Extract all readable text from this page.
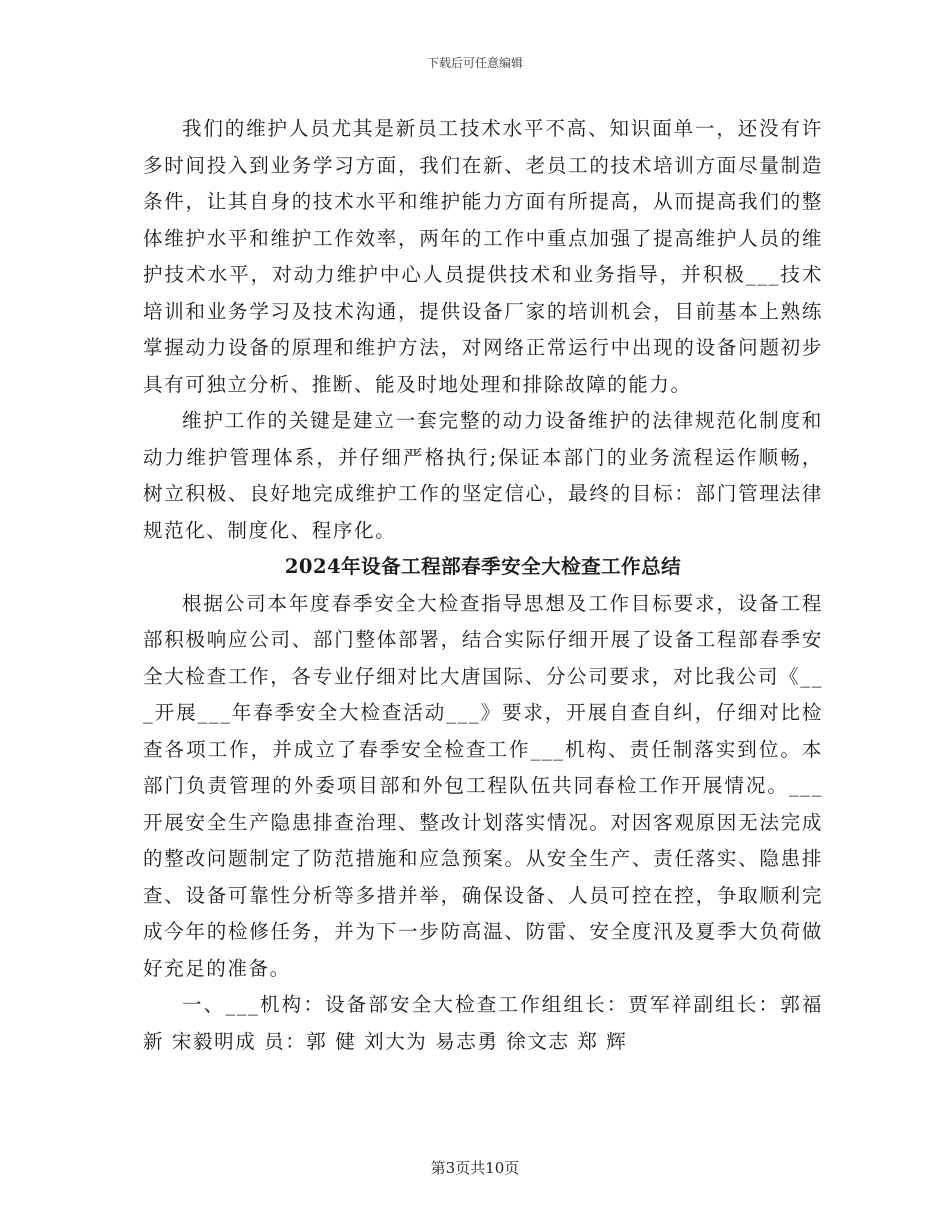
下载后可任意编辑

我们的维护人员尤其是新员工技术水平不高、知识面单一，还没有许多时间投入到业务学习方面，我们在新、老员工的技术培训方面尽量制造条件，让其自身的技术水平和维护能力方面有所提高，从而提高我们的整体维护水平和维护工作效率，两年的工作中重点加强了提高维护人员的维护技术水平，对动力维护中心人员提供技术和业务指导，并积极___技术培训和业务学习及技术沟通，提供设备厂家的培训机会，目前基本上熟练掌握动力设备的原理和维护方法，对网络正常运行中出现的设备问题初步具有可独立分析、推断、能及时地处理和排除故障的能力。

维护工作的关键是建立一套完整的动力设备维护的法律规范化制度和动力维护管理体系，并仔细严格执行;保证本部门的业务流程运作顺畅，树立积极、良好地完成维护工作的坚定信心，最终的目标：部门管理法律规范化、制度化、程序化。

2024年设备工程部春季安全大检查工作总结

根据公司本年度春季安全大检查指导思想及工作目标要求，设备工程部积极响应公司、部门整体部署，结合实际仔细开展了设备工程部春季安全大检查工作，各专业仔细对比大唐国际、分公司要求，对比我公司《___开展___年春季安全大检查活动___》要求，开展自查自纠，仔细对比检查各项工作，并成立了春季安全检查工作___机构、责任制落实到位。本部门负责管理的外委项目部和外包工程队伍共同春检工作开展情况。___开展安全生产隐患排查治理、整改计划落实情况。对因客观原因无法完成的整改问题制定了防范措施和应急预案。从安全生产、责任落实、隐患排查、设备可靠性分析等多措并举，确保设备、人员可控在控，争取顺利完成今年的检修任务，并为下一步防高温、防雷、安全度汛及夏季大负荷做好充足的准备。

一、___机构：设备部安全大检查工作组组长：贾军祥副组长：郭福新 宋毅明成 员：郭 健 刘大为 易志勇 徐文志 郑 辉

第3页共10页
